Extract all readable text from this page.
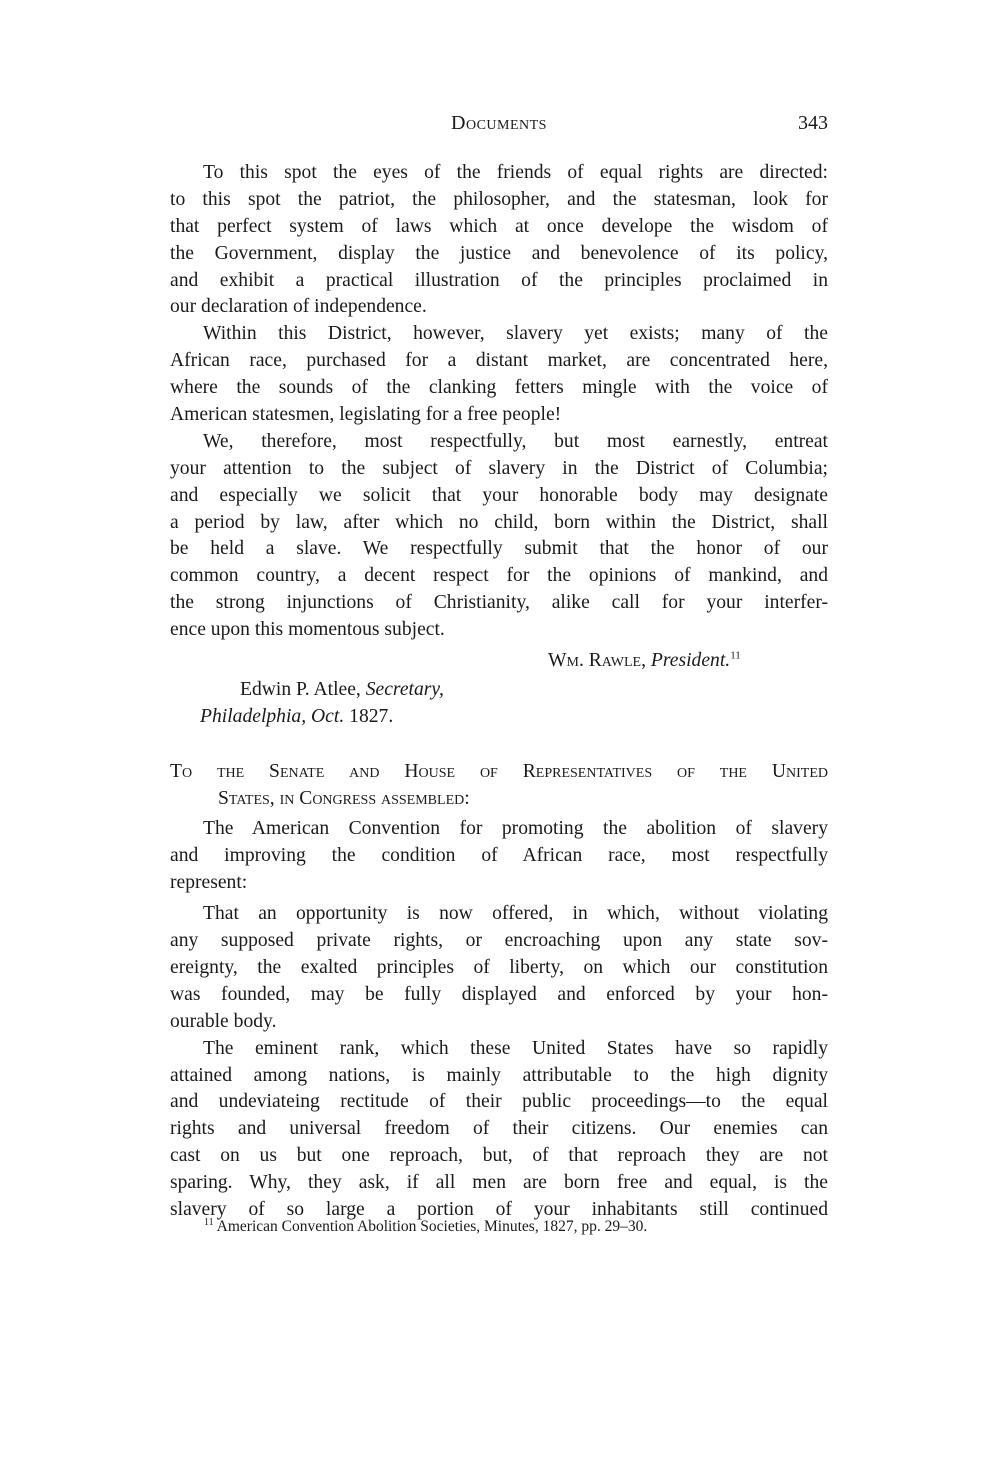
Documents	343
To this spot the eyes of the friends of equal rights are directed:
to this spot the patriot, the philosopher, and the statesman, look for
that perfect system of laws which at once develope the wisdom of
the Government, display the justice and benevolence of its policy,
and exhibit a practical illustration of the principles proclaimed in
our declaration of independence.
Within this District, however, slavery yet exists; many of the
African race, purchased for a distant market, are concentrated here,
where the sounds of the clanking fetters mingle with the voice of
American statesmen, legislating for a free people!
We, therefore, most respectfully, but most earnestly, entreat
your attention to the subject of slavery in the District of Columbia;
and especially we solicit that your honorable body may designate
a period by law, after which no child, born within the District, shall
be held a slave. We respectfully submit that the honor of our
common country, a decent respect for the opinions of mankind, and
the strong injunctions of Christianity, alike call for your interfer-
ence upon this momentous subject.
Wm. Rawle, President.$^{11}$
Edwin P. Atlee, Secretary,
Philadelphia, Oct. 1827.
To the Senate and House of Representatives of the United
States, in Congress assembled:
The American Convention for promoting the abolition of slavery
and improving the condition of African race, most respectfully
represent:
That an opportunity is now offered, in which, without violating
any supposed private rights, or encroaching upon any state sov-
ereignty, the exalted principles of liberty, on which our constitution
was founded, may be fully displayed and enforced by your hon-
ourable body.
The eminent rank, which these United States have so rapidly
attained among nations, is mainly attributable to the high dignity
and undeviateing rectitude of their public proceedings—to the equal
rights and universal freedom of their citizens. Our enemies can
cast on us but one reproach, but, of that reproach they are not
sparing. Why, they ask, if all men are born free and equal, is the
slavery of so large a portion of your inhabitants still continued
$^{11}$ American Convention Abolition Societies, Minutes, 1827, pp. 29–30.
